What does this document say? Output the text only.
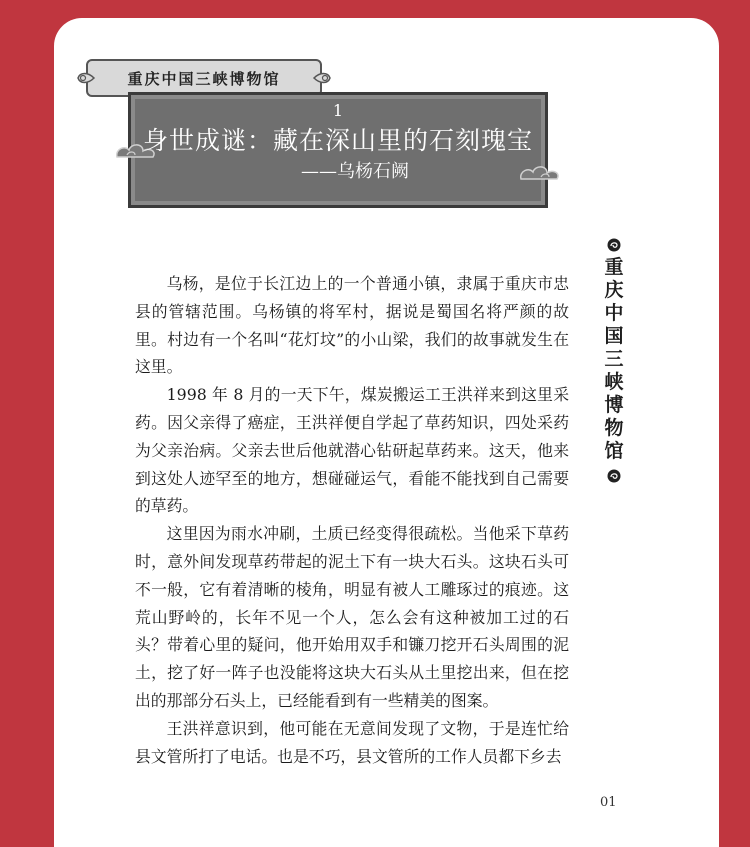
重庆中国三峡博物馆
1
身世成谜：藏在深山里的石刻瑰宝
——乌杨石阙
重
庆
中
国
三
峡
博
物
馆

乌杨，是位于长江边上的一个普通小镇，隶属于重庆市忠县的管辖范围。乌杨镇的将军村，据说是蜀国名将严颜的故里。村边有一个名叫“花灯坟”的小山梁，我们的故事就发生在这里。

1998 年 8 月的一天下午，煤炭搬运工王洪祥来到这里采药。因父亲得了癌症，王洪祥便自学起了草药知识，四处采药为父亲治病。父亲去世后他就潜心钻研起草药来。这天，他来到这处人迹罕至的地方，想碰碰运气，看能不能找到自己需要的草药。

这里因为雨水冲刷，土质已经变得很疏松。当他采下草药时，意外间发现草药带起的泥土下有一块大石头。这块石头可不一般，它有着清晰的棱角，明显有被人工雕琢过的痕迹。这荒山野岭的，长年不见一个人，怎么会有这种被加工过的石头？带着心里的疑问，他开始用双手和镰刀挖开石头周围的泥土，挖了好一阵子也没能将这块大石头从土里挖出来，但在挖出的那部分石头上，已经能看到有一些精美的图案。

王洪祥意识到，他可能在无意间发现了文物，于是连忙给县文管所打了电话。也是不巧，县文管所的工作人员都下乡去

01
